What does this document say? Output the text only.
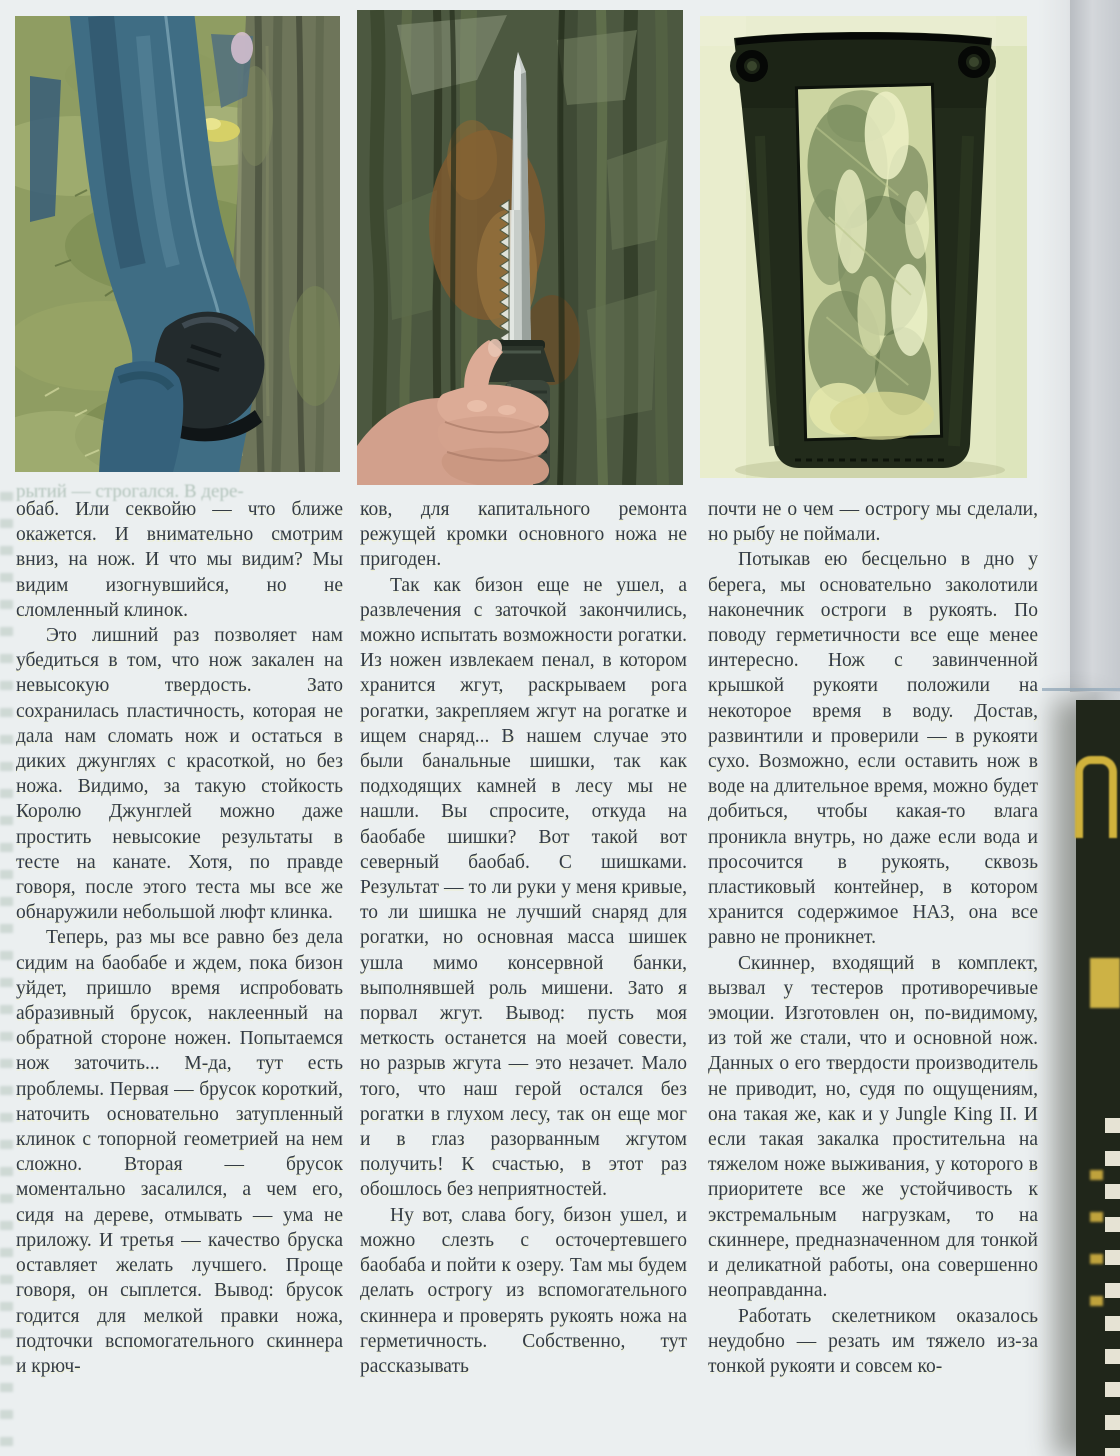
рытий — строгался. В дере-

обаб. Или секвойю — что ближе окажется. И внимательно смотрим вниз, на нож. И что мы видим? Мы видим изогнувшийся, но не сломленный клинок.

Это лишний раз позволяет нам убедиться в том, что нож закален на невысокую твердость. Зато сохранилась пластичность, которая не дала нам сломать нож и остаться в диких джунглях с красоткой, но без ножа. Видимо, за такую стойкость Королю Джунглей можно даже простить невысокие результаты в тесте на канате. Хотя, по правде говоря, после этого теста мы все же обнаружили небольшой люфт клинка.

Теперь, раз мы все равно без дела сидим на баобабе и ждем, пока бизон уйдет, пришло время испробовать абразивный брусок, наклеенный на обратной стороне ножен. Попытаемся нож заточить... М-да, тут есть проблемы. Первая — брусок короткий, наточить основательно затупленный клинок с топорной геометрией на нем сложно. Вторая — брусок моментально засалился, а чем его, сидя на дереве, отмывать — ума не приложу. И третья — качество бруска оставляет желать лучшего. Проще говоря, он сыплется. Вывод: брусок годится для мелкой правки ножа, подточки вспомогательного скиннера и крюч-

ков, для капитального ремонта режущей кромки основного ножа не пригоден.

Так как бизон еще не ушел, а развлечения с заточкой закончились, можно испытать возможности рогатки. Из ножен извлекаем пенал, в котором хранится жгут, раскрываем рога рогатки, закрепляем жгут на рогатке и ищем снаряд... В нашем случае это были банальные шишки, так как подходящих камней в лесу мы не нашли. Вы спросите, откуда на баобабе шишки? Вот такой вот северный баобаб. С шишками. Результат — то ли руки у меня кривые, то ли шишка не лучший снаряд для рогатки, но основная масса шишек ушла мимо консервной банки, выполнявшей роль мишени. Зато я порвал жгут. Вывод: пусть моя меткость останется на моей совести, но разрыв жгута — это незачет. Мало того, что наш герой остался без рогатки в глухом лесу, так он еще мог и в глаз разорванным жгутом получить! К счастью, в этот раз обошлось без неприятностей.

Ну вот, слава богу, бизон ушел, и можно слезть с осточертевшего баобаба и пойти к озеру. Там мы будем делать острогу из вспомогательного скиннера и проверять рукоять ножа на герметичность. Собственно, тут рассказывать

почти не о чем — острогу мы сделали, но рыбу не поймали.

Потыкав ею бесцельно в дно у берега, мы основательно заколотили наконечник остроги в рукоять. По поводу герметичности все еще менее интересно. Нож с завинченной крышкой рукояти положили на некоторое время в воду. Достав, развинтили и проверили — в рукояти сухо. Возможно, если оставить нож в воде на длительное время, можно будет добиться, чтобы какая-то влага проникла внутрь, но даже если вода и просочится в рукоять, сквозь пластиковый контейнер, в котором хранится содержимое НАЗ, она все равно не проникнет.

Скиннер, входящий в комплект, вызвал у тестеров противоречивые эмоции. Изготовлен он, по-видимому, из той же стали, что и основной нож. Данных о его твердости производитель не приводит, но, судя по ощущениям, она такая же, как и у Jungle King II. И если такая закалка простительна на тяжелом ноже выживания, у которого в приоритете все же устойчивость к экстремальным нагрузкам, то на скиннере, предназначенном для тонкой и деликатной работы, она совершенно неоправданна.

Работать скелетником оказалось неудобно — резать им тяжело из-за тонкой рукояти и совсем ко-
